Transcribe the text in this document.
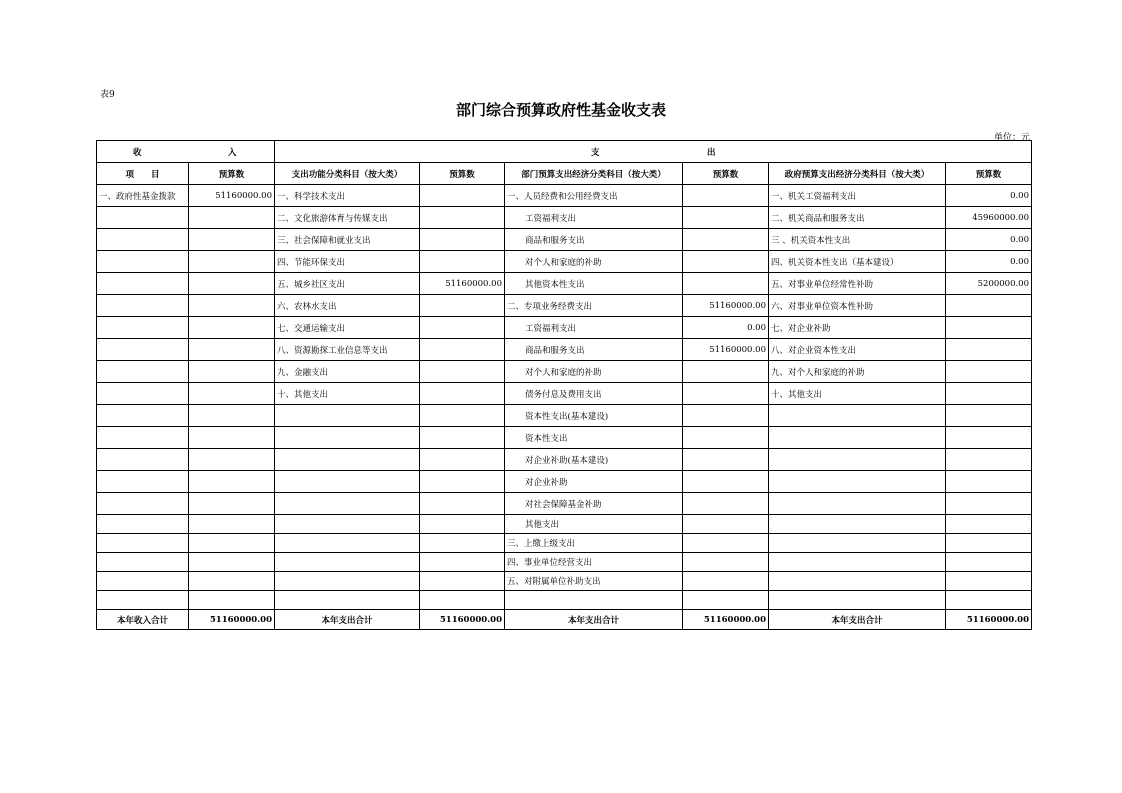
表9
部门综合预算政府性基金收支表
单位：元
收 入		支 出					
项　　目	预算数	支出功能分类科目（按大类）	预算数	部门预算支出经济分类科目（按大类）	预算数	政府预算支出经济分类科目（按大类）	预算数
一、政府性基金拨款	51160000.00	一、科学技术支出		一、人员经费和公用经费支出		一、机关工资福利支出	0.00
		二、文化旅游体育与传媒支出		工资福利支出		二、机关商品和服务支出	45960000.00
		三、社会保障和就业支出		商品和服务支出		三 、机关资本性支出	0.00
		四、节能环保支出		对个人和家庭的补助		四、机关资本性支出（基本建设）	0.00
		五、城乡社区支出	51160000.00	其他资本性支出		五、对事业单位经常性补助	5200000.00
		六、农林水支出		二、专项业务经费支出	51160000.00	六、对事业单位资本性补助	
		七、交通运输支出		工资福利支出	0.00	七、对企业补助	
		八、资源勘探工业信息等支出		商品和服务支出	51160000.00	八、对企业资本性支出	
		九、金融支出		对个人和家庭的补助		九、对个人和家庭的补助	
		十、其他支出		债务付息及费用支出		十、其他支出	
				资本性支出(基本建设)			
				资本性支出			
				对企业补助(基本建设)			
				对企业补助			
				对社会保障基金补助			
				其他支出			
				三、上缴上级支出			
				四、事业单位经营支出			
				五、对附属单位补助支出			

本年收入合计	51160000.00	本年支出合计	51160000.00	本年支出合计	51160000.00	本年支出合计	51160000.00
